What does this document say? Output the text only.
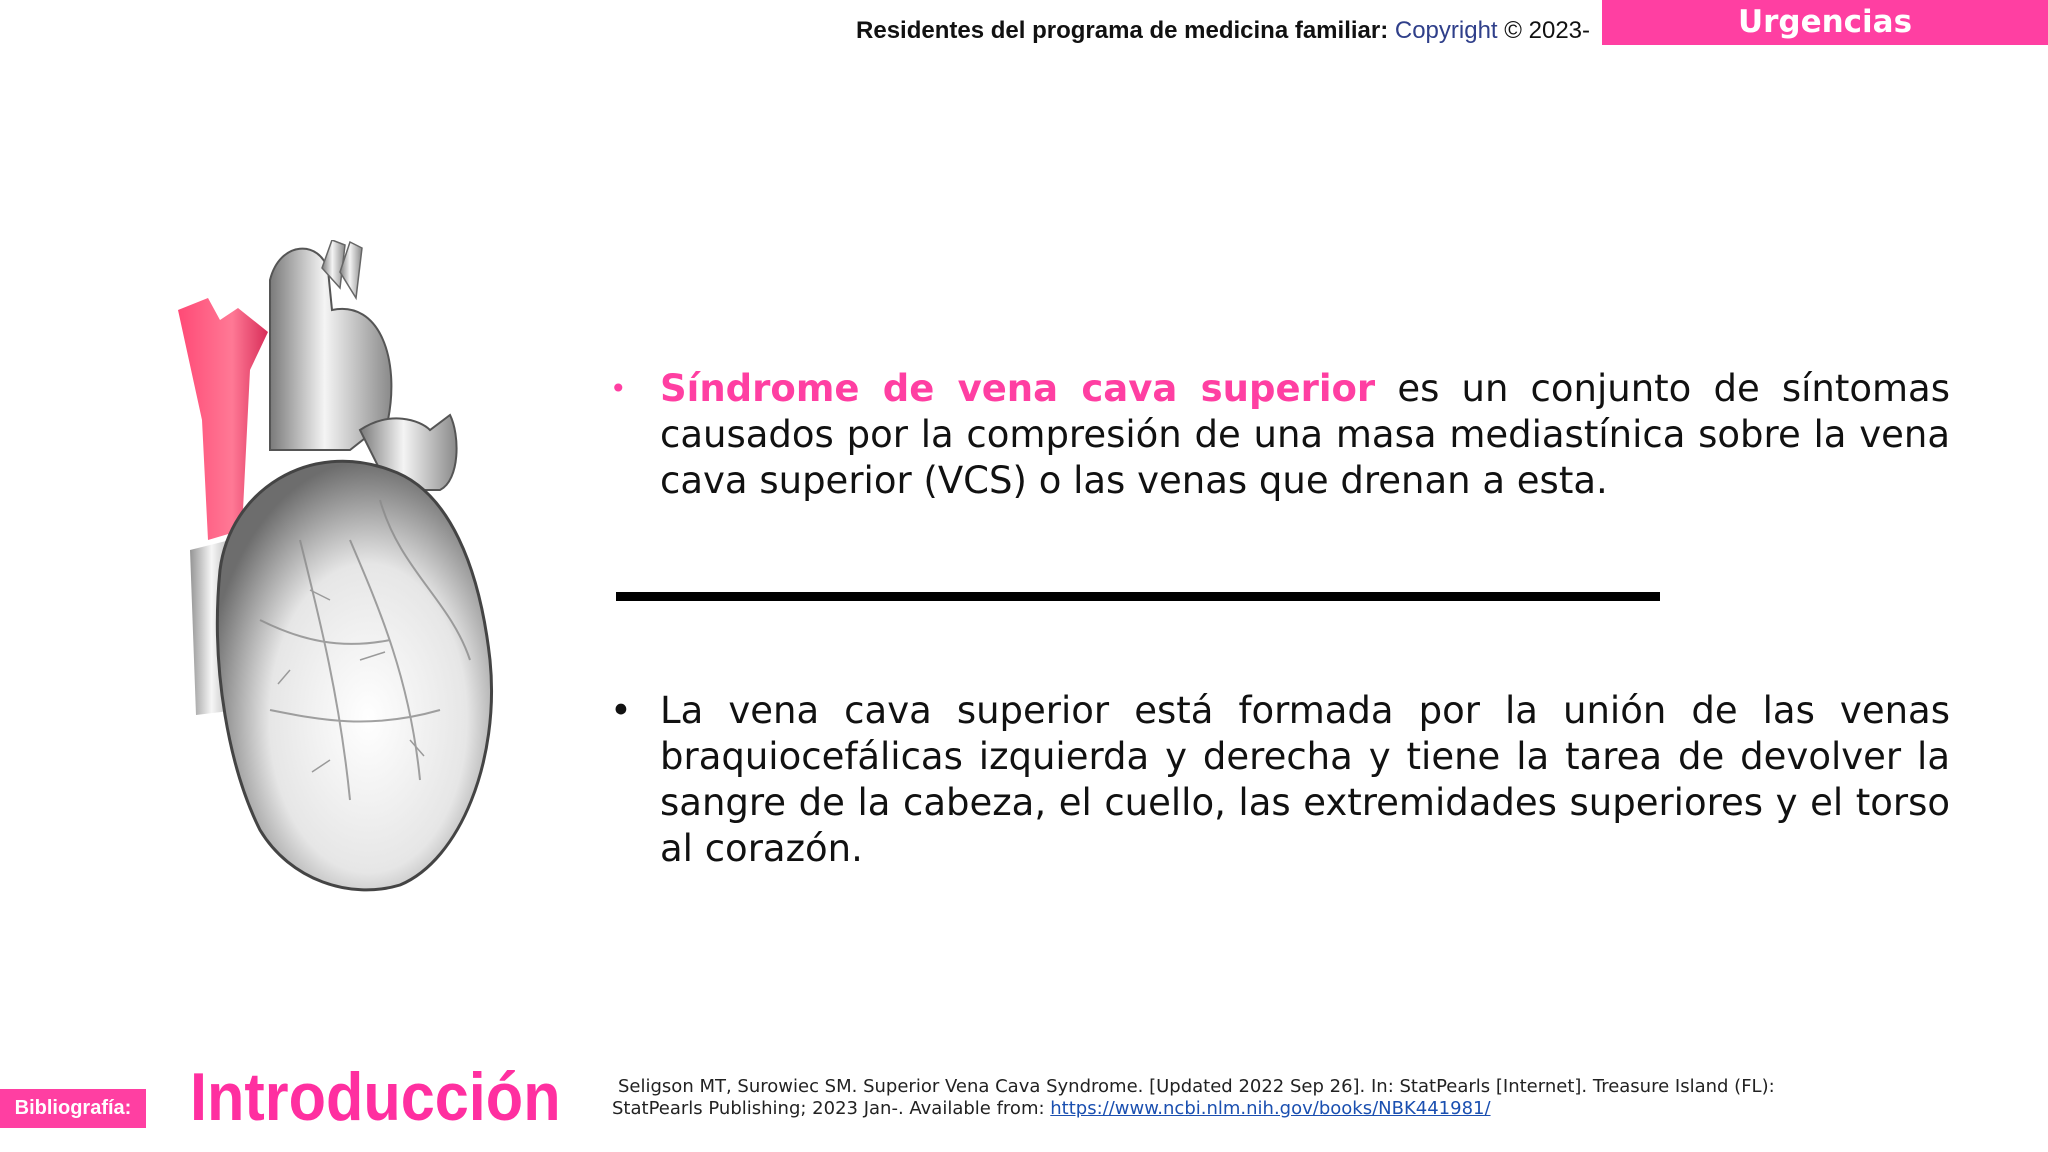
Residentes del programa de medicina familiar: Copyright © 2023-	Urgencias
• Síndrome de vena cava superior es un conjunto de síntomas causados por la compresión de una masa mediastínica sobre la vena cava superior (VCS) o las venas que drenan a esta.
• La vena cava superior está formada por la unión de las venas braquiocefálicas izquierda y derecha y tiene la tarea de devolver la sangre de la cabeza, el cuello, las extremidades superiores y el torso al corazón.
Bibliografía: Introducción	Seligson MT, Surowiec SM. Superior Vena Cava Syndrome. [Updated 2022 Sep 26]. In: StatPearls [Internet]. Treasure Island (FL):
StatPearls Publishing; 2023 Jan-. Available from: https://www.ncbi.nlm.nih.gov/books/NBK441981/
